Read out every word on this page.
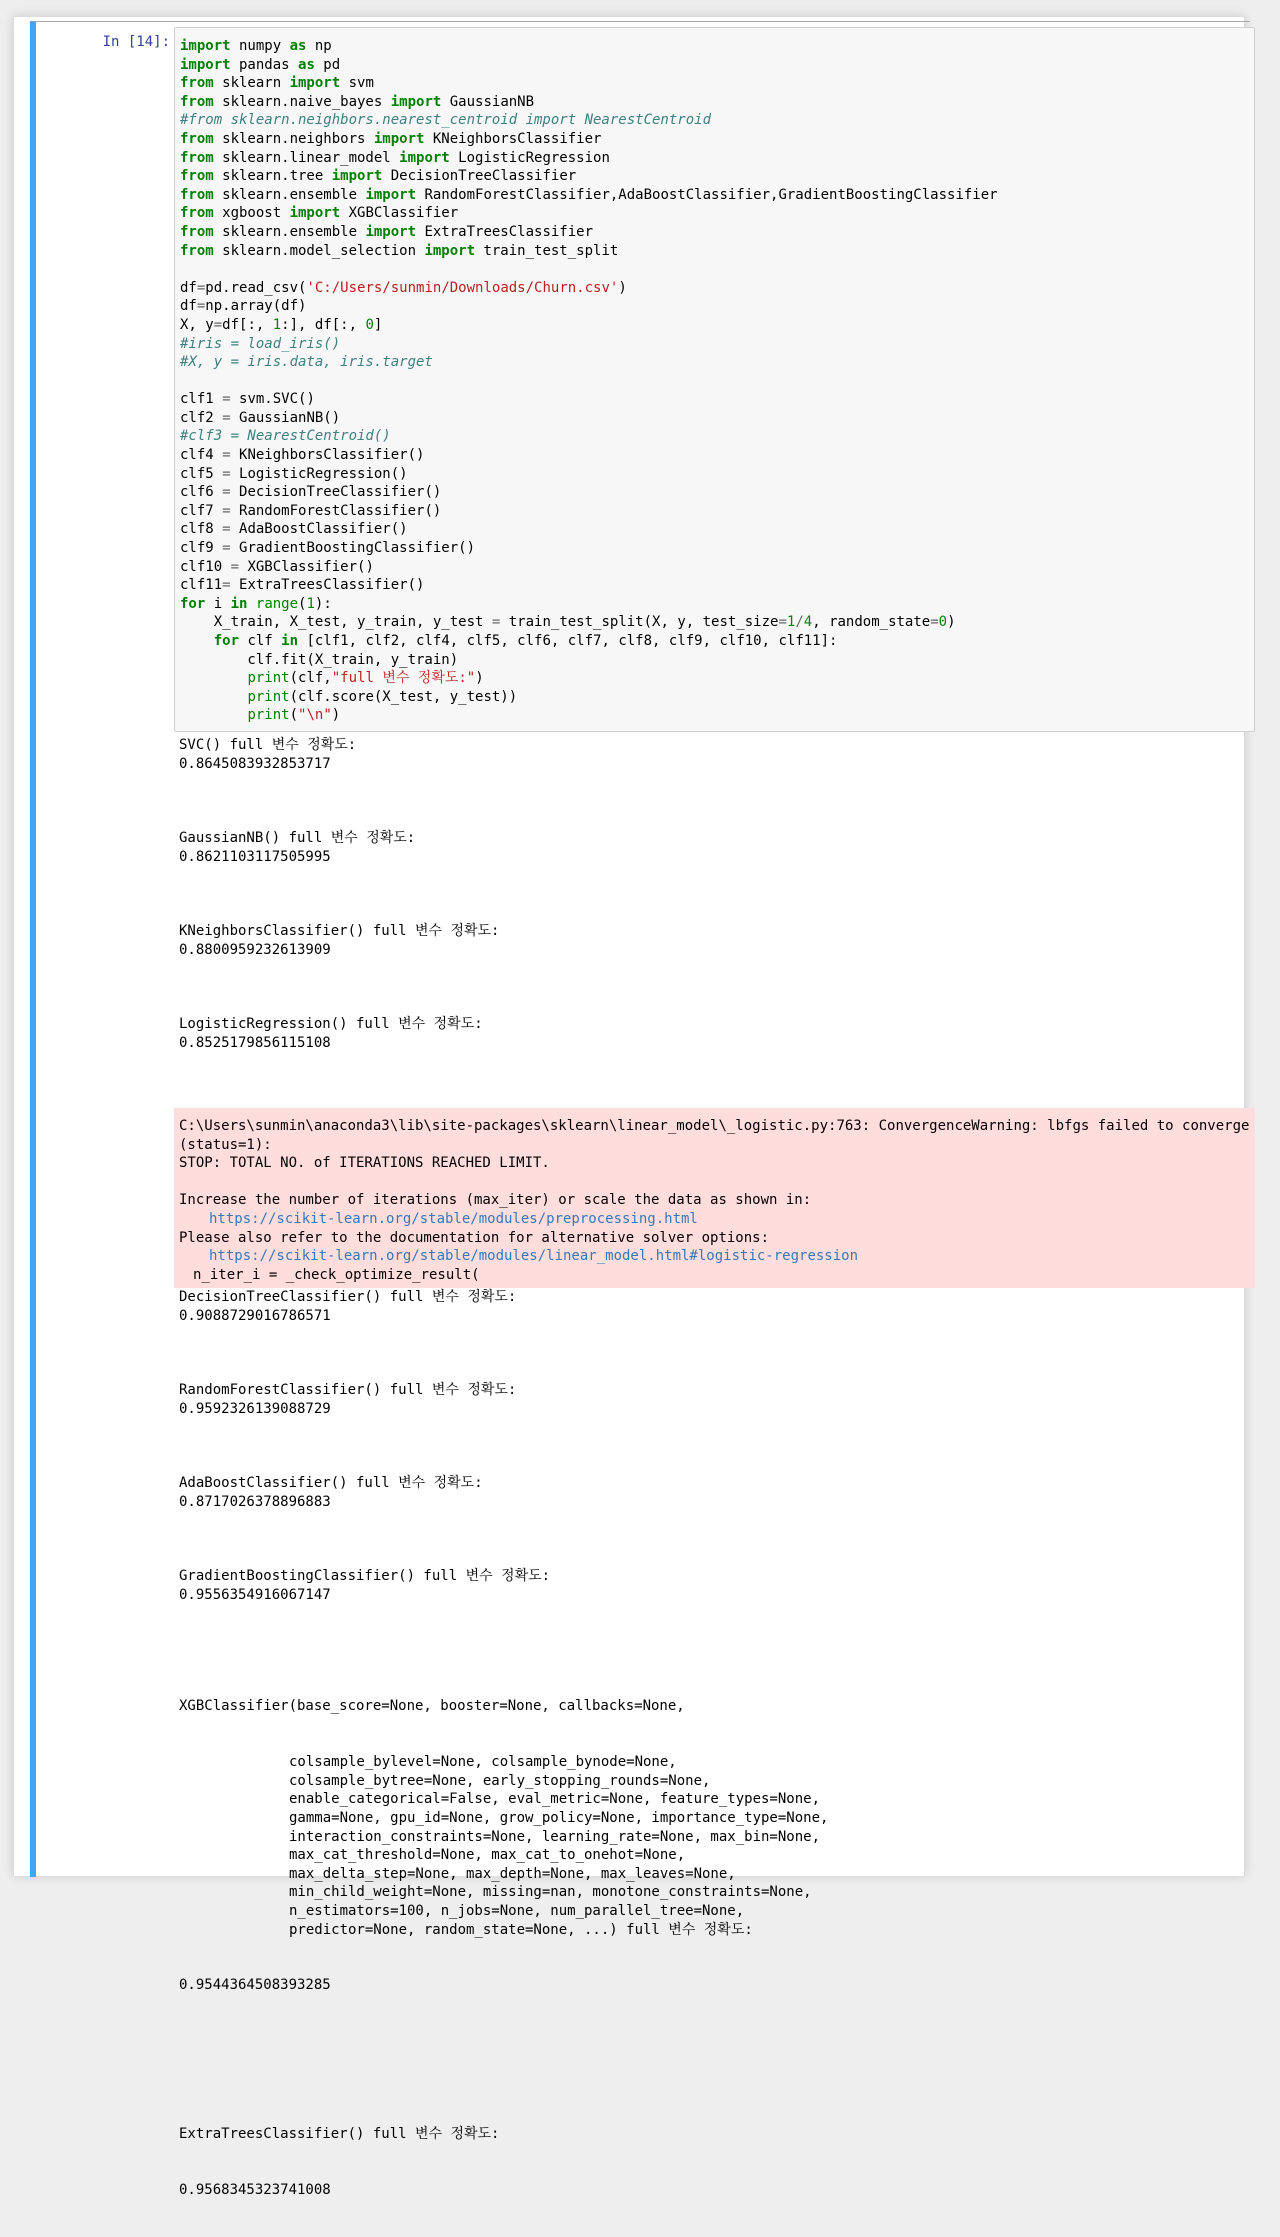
In [14]: import numpy as np
import pandas as pd
from sklearn import svm
from sklearn.naive_bayes import GaussianNB
#from sklearn.neighbors.nearest_centroid import NearestCentroid
from sklearn.neighbors import KNeighborsClassifier
from sklearn.linear_model import LogisticRegression
from sklearn.tree import DecisionTreeClassifier
from sklearn.ensemble import RandomForestClassifier,AdaBoostClassifier,GradientBoostingClassifier
from xgboost import XGBClassifier
from sklearn.ensemble import ExtraTreesClassifier
from sklearn.model_selection import train_test_split
df=pd.read_csv('C:/Users/sunmin/Downloads/Churn.csv')
df=np.array(df)
X, y=df[:, 1:], df[:, 0]
#iris = load_iris()
#X, y = iris.data, iris.target
clf1 = svm.SVC()
clf2 = GaussianNB()
#clf3 = NearestCentroid()
clf4 = KNeighborsClassifier()
clf5 = LogisticRegression()
clf6 = DecisionTreeClassifier()
clf7 = RandomForestClassifier()
clf8 = AdaBoostClassifier()
clf9 = GradientBoostingClassifier()
clf10 = XGBClassifier()
clf11= ExtraTreesClassifier()
for i in range(1):
X_train, X_test, y_train, y_test = train_test_split(X, y, test_size=1/4, random_state=0)
for clf in [clf1, clf2, clf4, clf5, clf6, clf7, clf8, clf9, clf10, clf11]:
clf.fit(X_train, y_train)
print(clf,"full 변수 정확도:")
print(clf.score(X_test, y_test))
print("\n")
SVC() full 변수 정확도:
0.8645083932853717
GaussianNB() full 변수 정확도:
0.8621103117505995
KNeighborsClassifier() full 변수 정확도:
0.8800959232613909
LogisticRegression() full 변수 정확도:
0.8525179856115108
C:\Users\sunmin\anaconda3\lib\site-packages\sklearn\linear_model\_logistic.py:763: ConvergenceWarning: lbfgs failed to converge (status=1):
STOP: TOTAL NO. of ITERATIONS REACHED LIMIT.
Increase the number of iterations (max_iter) or scale the data as shown in:
https://scikit-learn.org/stable/modules/preprocessing.html
Please also refer to the documentation for alternative solver options:
https://scikit-learn.org/stable/modules/linear_model.html#logistic-regression
n_iter_i = _check_optimize_result(
DecisionTreeClassifier() full 변수 정확도:
0.9088729016786571
RandomForestClassifier() full 변수 정확도:
0.9592326139088729
AdaBoostClassifier() full 변수 정확도:
0.8717026378896883
GradientBoostingClassifier() full 변수 정확도:
0.9556354916067147

XGBClassifier(base_score=None, booster=None, callbacks=None,

colsample_bylevel=None, colsample_bynode=None,
colsample_bytree=None, early_stopping_rounds=None,
enable_categorical=False, eval_metric=None, feature_types=None,
gamma=None, gpu_id=None, grow_policy=None, importance_type=None,
interaction_constraints=None, learning_rate=None, max_bin=None,
max_cat_threshold=None, max_cat_to_onehot=None,
max_delta_step=None, max_depth=None, max_leaves=None,
min_child_weight=None, missing=nan, monotone_constraints=None,
n_estimators=100, n_jobs=None, num_parallel_tree=None,
predictor=None, random_state=None, ...) full 변수 정확도:

0.9544364508393285

ExtraTreesClassifier() full 변수 정확도:

0.9568345323741008
